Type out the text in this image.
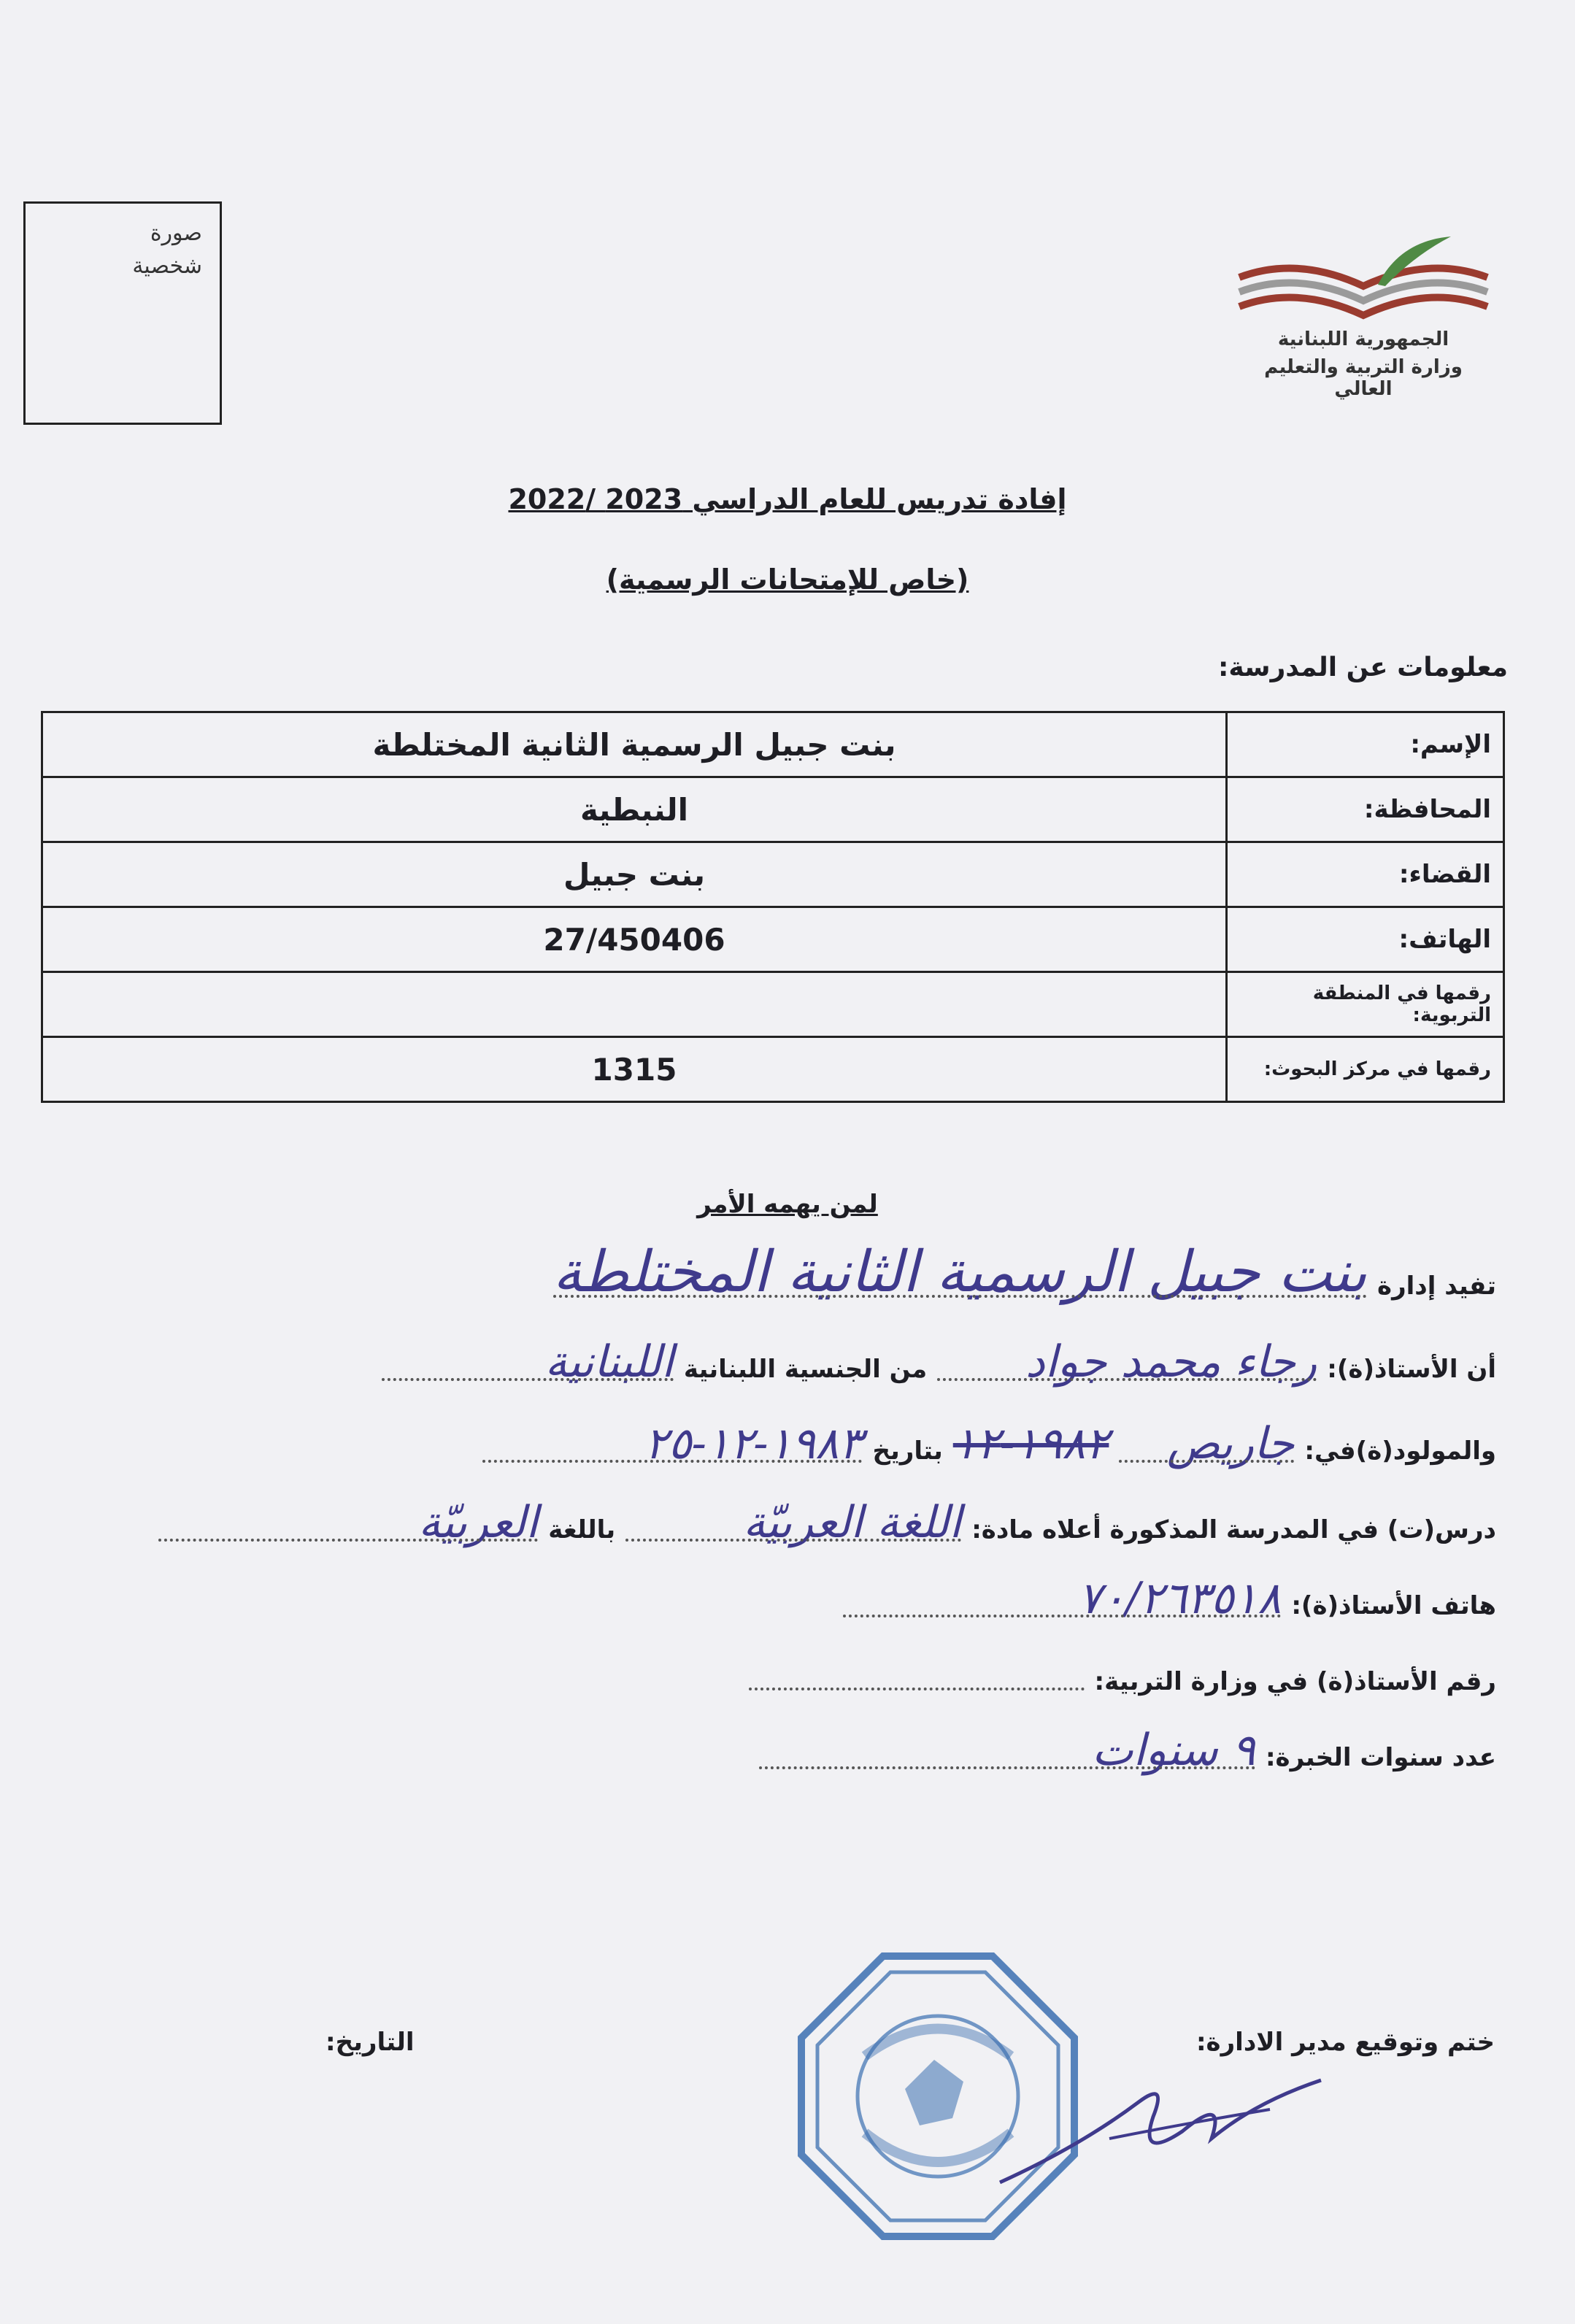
صورة
شخصية
الجمهورية اللبنانية
وزارة التربية والتعليم العالي
إفادة تدريس للعام الدراسي 2023 /2022
(خاص للإمتحانات الرسمية)
معلومات عن المدرسة:
الإسم:	بنت جبيل الرسمية الثانية المختلطة
المحافظة:	النبطية
القضاء:	بنت جبيل
الهاتف:	27/450406
رقمها في المنطقة التربوية:	
رقمها في مركز البحوث:	1315
لمن يهمه الأمر
تفيد إدارة
بنت جبيل الرسمية الثانية المختلطة
أن الأستاذ(ة):
رجاء محمد جواد
من الجنسية اللبنانية
اللبنانية
والمولود(ة)في:
جاريص
١٩٨٢-١٢
بتاريخ
١٩٨٣-١٢-٢٥
درس(ت) في المدرسة المذكورة أعلاه مادة:
اللغة العربيّة
باللغة
العربيّة
هاتف الأستاذ(ة):
٧٠/٢٦٣٥١٨
رقم الأستاذ(ة) في وزارة التربية:
عدد سنوات الخبرة:
٩ سنوات
ختم وتوقيع مدير الادارة:
التاريخ:
